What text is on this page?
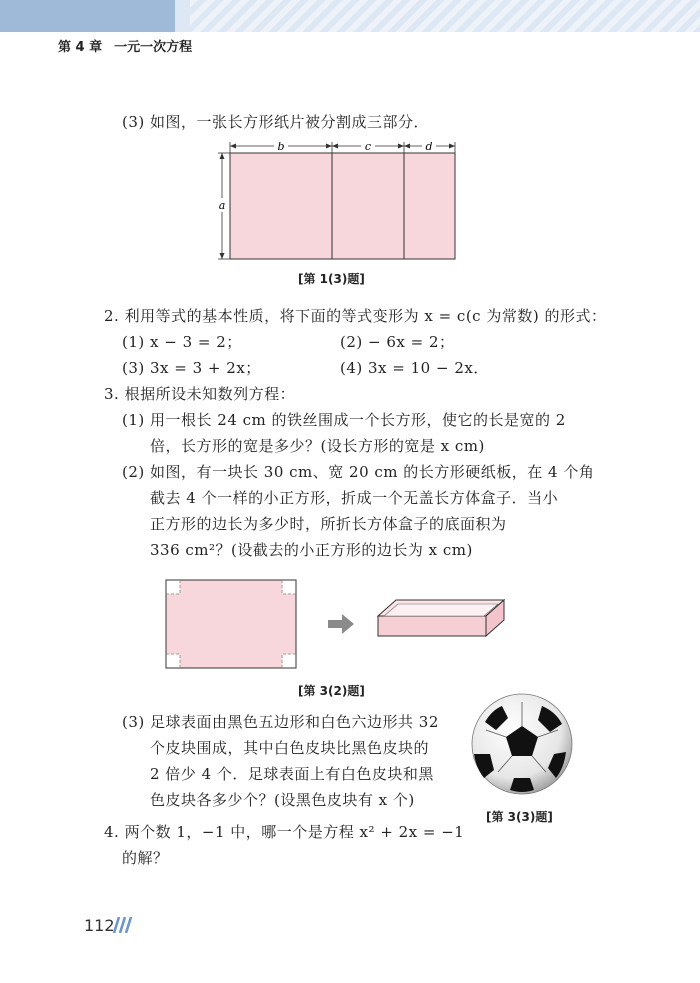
第 4 章 一元一次方程
(3) 如图，一张长方形纸片被分割成三部分．
b	c	d
a
[第 1(3)题]
2. 利用等式的基本性质，将下面的等式变形为 x = c(c 为常数) 的形式：
(1) x − 3 = 2；	(2) − 6x = 2；
(3) 3x = 3 + 2x；	(4) 3x = 10 − 2x．
3. 根据所设未知数列方程：
(1) 用一根长 24 cm 的铁丝围成一个长方形，使它的长是宽的 2
倍，长方形的宽是多少？(设长方形的宽是 x cm)
(2) 如图，有一块长 30 cm、宽 20 cm 的长方形硬纸板，在 4 个角
截去 4 个一样的小正方形，折成一个无盖长方体盒子．当小
正方形的边长为多少时，所折长方体盒子的底面积为
336 cm²？(设截去的小正方形的边长为 x cm)
[第 3(2)题]
(3) 足球表面由黑色五边形和白色六边形共 32
个皮块围成，其中白色皮块比黑色皮块的
2 倍少 4 个．足球表面上有白色皮块和黑
色皮块各多少个？(设黑色皮块有 x 个)
[第 3(3)题]
4. 两个数 1，−1 中，哪一个是方程 x² + 2x = −1
的解？
112
